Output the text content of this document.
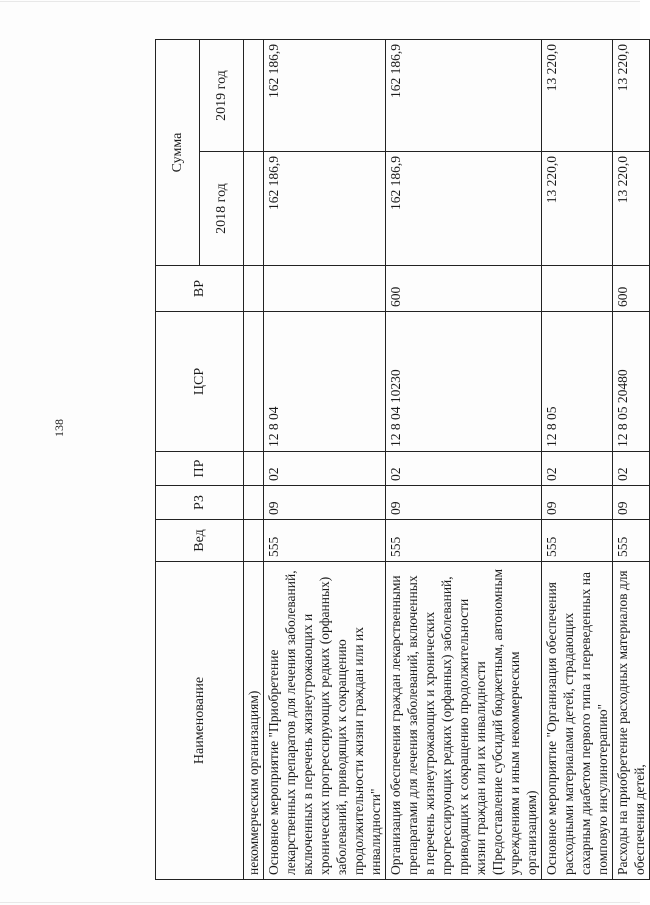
138
Наименование	Вед	РЗ	ПР	ЦСР	ВР	Сумма	
						2018 год	2019 год
некоммерческим организациям)							
Основное мероприятие "Приобретение лекарственных препаратов для лечения заболеваний, включенных в перечень жизнеугрожающих и хронических прогрессирующих редких (орфанных) заболеваний, приводящих к сокращению продолжительности жизни граждан или их инвалидности"	555	09	02	12 8 04		162 186,9	162 186,9
Организация обеспечения граждан лекарственными препаратами для лечения заболеваний, включенных в перечень жизнеугрожающих и хронических прогрессирующих редких (орфанных) заболеваний, приводящих к сокращению продолжительности жизни граждан или их инвалидности (Предоставление субсидий бюджетным, автономным учреждениям и иным некоммерческим организациям)	555	09	02	12 8 04 10230	600	162 186,9	162 186,9
Основное мероприятие "Организация обеспечения расходными материалами детей, страдающих сахарным диабетом первого типа и переведенных на помповую инсулинотерапию"	555	09	02	12 8 05		13 220,0	13 220,0
Расходы на приобретение расходных материалов для обеспечения детей,	555	09	02	12 8 05 20480	600	13 220,0	13 220,0
